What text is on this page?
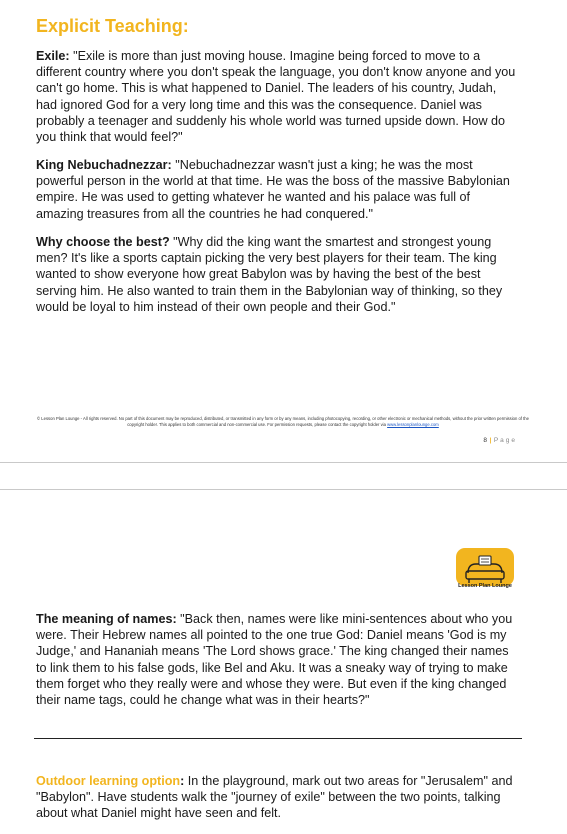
Explicit Teaching:

Exile: "Exile is more than just moving house. Imagine being forced to move to a different country where you don't speak the language, you don't know anyone and you can't go home. This is what happened to Daniel. The leaders of his country, Judah, had ignored God for a very long time and this was the consequence. Daniel was probably a teenager and suddenly his whole world was turned upside down. How do you think that would feel?"

King Nebuchadnezzar: "Nebuchadnezzar wasn't just a king; he was the most powerful person in the world at that time. He was the boss of the massive Babylonian empire. He was used to getting whatever he wanted and his palace was full of amazing treasures from all the countries he had conquered."

Why choose the best? "Why did the king want the smartest and strongest young men? It's like a sports captain picking the very best players for their team. The king wanted to show everyone how great Babylon was by having the best of the best serving him. He also wanted to train them in the Babylonian way of thinking, so they would be loyal to him instead of their own people and their God."

© Lesson Plan Lounge - All rights reserved. No part of this document may be reproduced, distributed, or transmitted in any form or by any means, including photocopying, recording, or other electronic or mechanical methods, without the prior written permission of the copyright holder. This applies to both commercial and non-commercial use. For permission requests, please contact the copyright holder via www.lessonplanlounge.com
8 | Page
Lesson Plan Lounge

The meaning of names: "Back then, names were like mini-sentences about who you were. Their Hebrew names all pointed to the one true God: Daniel means 'God is my Judge,' and Hananiah means 'The Lord shows grace.' The king changed their names to link them to his false gods, like Bel and Aku. It was a sneaky way of trying to make them forget who they really were and whose they were. But even if the king changed their name tags, could he change what was in their hearts?"

Outdoor learning option: In the playground, mark out two areas for "Jerusalem" and "Babylon". Have students walk the "journey of exile" between the two points, talking about what Daniel might have seen and felt.
